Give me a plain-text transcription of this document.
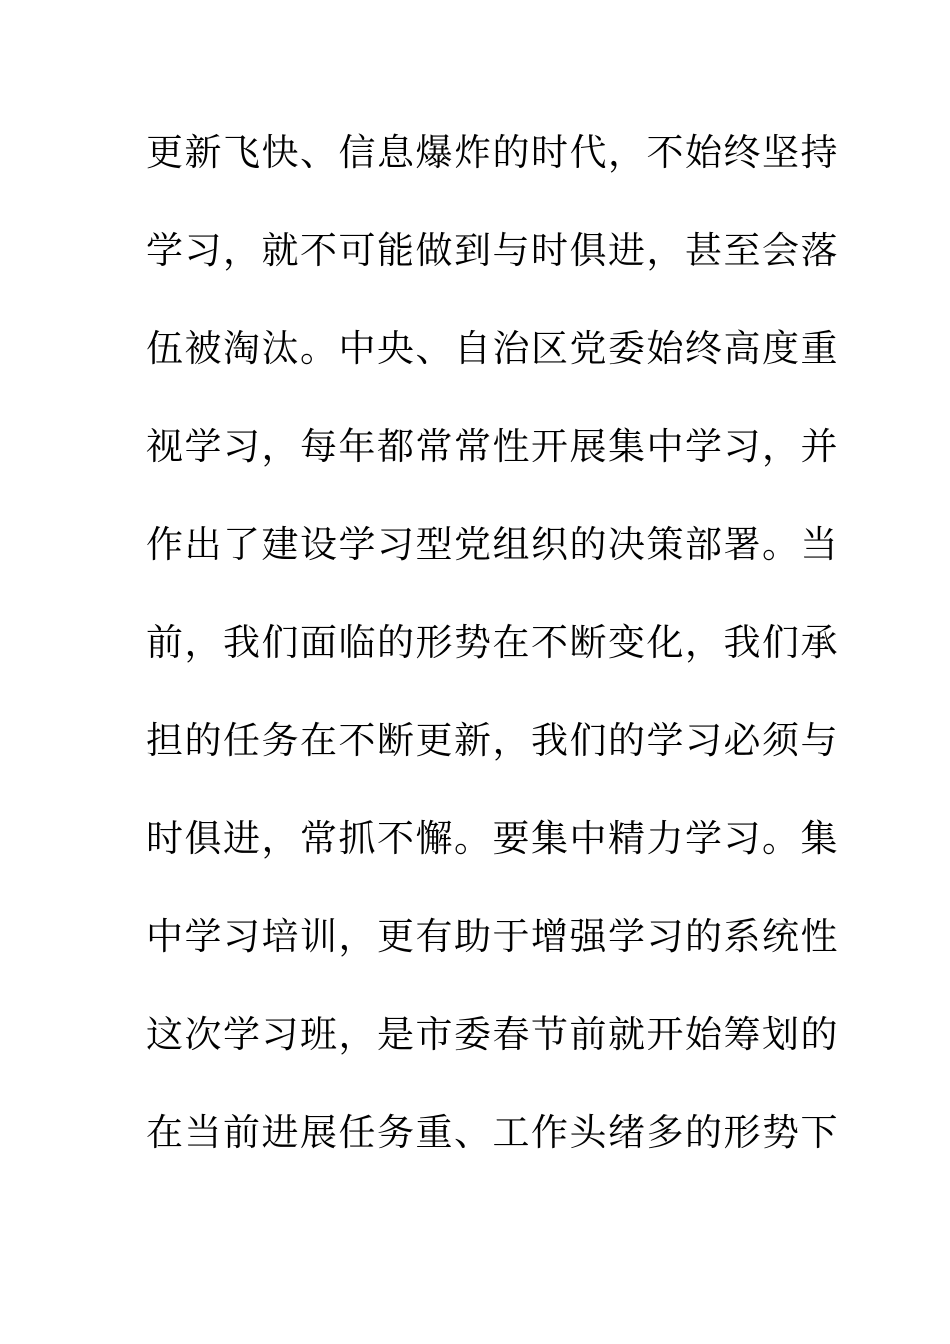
更新飞快、信息爆炸的时代，不始终坚持
学习，就不可能做到与时俱进，甚至会落
伍被淘汰。中央、自治区党委始终高度重
视学习，每年都常常性开展集中学习，并
作出了建设学习型党组织的决策部署。当
前，我们面临的形势在不断变化，我们承
担的任务在不断更新，我们的学习必须与
时俱进，常抓不懈。要集中精力学习。集
中学习培训，更有助于增强学习的系统性
这次学习班，是市委春节前就开始筹划的
在当前进展任务重、工作头绪多的形势下
